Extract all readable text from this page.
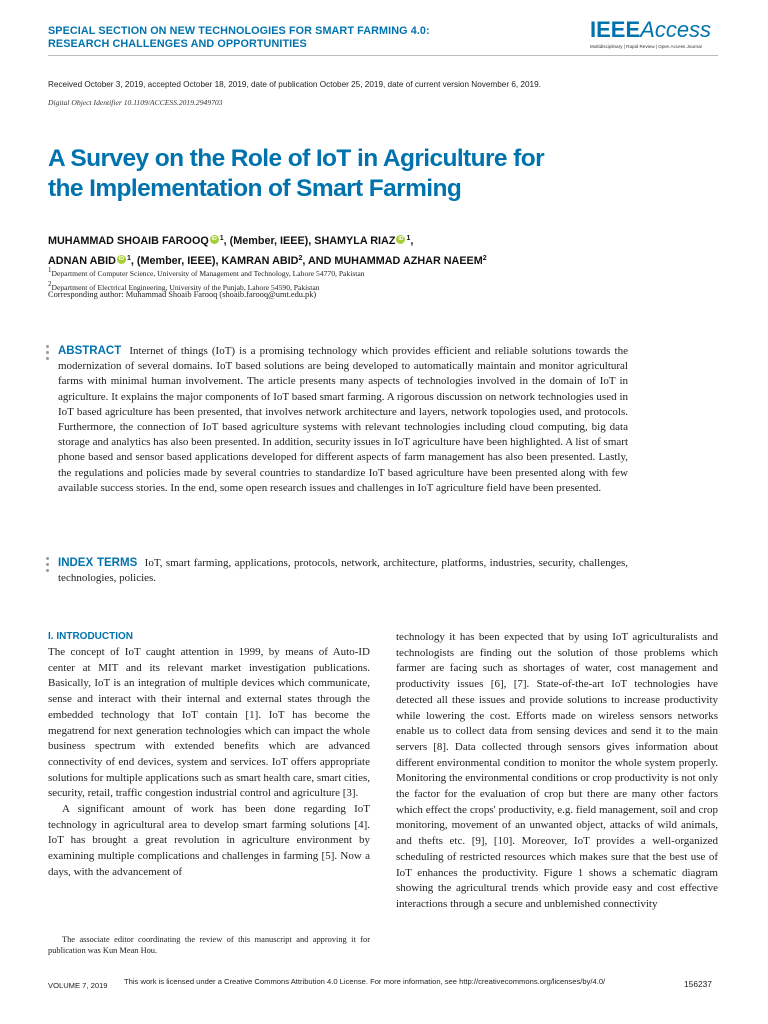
SPECIAL SECTION ON NEW TECHNOLOGIES FOR SMART FARMING 4.0:
RESEARCH CHALLENGES AND OPPORTUNITIES
IEEEAccess
Multidisciplinary | Rapid Review | Open Access Journal
Received October 3, 2019, accepted October 18, 2019, date of publication October 25, 2019, date of current version November 6, 2019.
Digital Object Identifier 10.1109/ACCESS.2019.2949703
A Survey on the Role of IoT in Agriculture for
the Implementation of Smart Farming
MUHAMMAD SHOAIB FAROOQ iD $^1$, (Member, IEEE), SHAMYLA RIAZ iD $^1$,
ADNAN ABID iD $^1$, (Member, IEEE), KAMRAN ABID$^2$, AND MUHAMMAD AZHAR NAEEM$^2$
$^1$Department of Computer Science, University of Management and Technology, Lahore 54770, Pakistan
$^2$Department of Electrical Engineering, University of the Punjab, Lahore 54590, Pakistan
Corresponding author: Muhammad Shoaib Farooq (shoaib.farooq@umt.edu.pk)
ABSTRACT Internet of things (IoT) is a promising technology which provides efficient and reliable solutions towards the modernization of several domains. IoT based solutions are being developed to automatically maintain and monitor agricultural farms with minimal human involvement. The article presents many aspects of technologies involved in the domain of IoT in agriculture. It explains the major components of IoT based smart farming. A rigorous discussion on network technologies used in IoT based agriculture has been presented, that involves network architecture and layers, network topologies used, and protocols. Furthermore, the connection of IoT based agriculture systems with relevant technologies including cloud computing, big data storage and analytics has also been presented. In addition, security issues in IoT agriculture have been highlighted. A list of smart phone based and sensor based applications developed for different aspects of farm management has also been presented. Lastly, the regulations and policies made by several countries to standardize IoT based agriculture have been presented along with few available success stories. In the end, some open research issues and challenges in IoT agriculture field have been presented.
INDEX TERMS IoT, smart farming, applications, protocols, network, architecture, platforms, industries, security, challenges, technologies, policies.
I. INTRODUCTION

The concept of IoT caught attention in 1999, by means of Auto-ID center at MIT and its relevant market investigation publications. Basically, IoT is an integration of multiple devices which communicate, sense and interact with their internal and external states through the embedded technology that IoT contain [1]. IoT has become the megatrend for next generation technologies which can impact the whole business spectrum with extended benefits which are advanced connectivity of end devices, system and services. IoT offers appropriate solutions for multiple applications such as smart health care, smart cities, security, retail, traffic congestion industrial control and agriculture [3].

A significant amount of work has been done regarding IoT technology in agricultural area to develop smart farming solutions [4]. IoT has brought a great revolution in agriculture environment by examining multiple complications and challenges in farming [5]. Now a days, with the advancement of

technology it has been expected that by using IoT agriculturalists and technologists are finding out the solution of those problems which farmer are facing such as shortages of water, cost management and productivity issues [6], [7]. State-of-the-art IoT technologies have detected all these issues and provide solutions to increase productivity while lowering the cost. Efforts made on wireless sensors networks enable us to collect data from sensing devices and send it to the main servers [8]. Data collected through sensors gives information about different environmental condition to monitor the whole system properly. Monitoring the environmental conditions or crop productivity is not only the factor for the evaluation of crop but there are many other factors which effect the crops' productivity, e.g. field management, soil and crop monitoring, movement of an unwanted object, attacks of wild animals, and thefts etc. [9], [10]. Moreover, IoT provides a well-organized scheduling of restricted resources which makes sure that the best use of IoT enhances the productivity. Figure 1 shows a schematic diagram showing the agricultural trends which provide easy and cost effective interactions through a secure and unblemished connectivity

The associate editor coordinating the review of this manuscript and approving it for publication was Kun Mean Hou.
VOLUME 7, 2019 This work is licensed under a Creative Commons Attribution 4.0 License. For more information, see http://creativecommons.org/licenses/by/4.0/	156237
